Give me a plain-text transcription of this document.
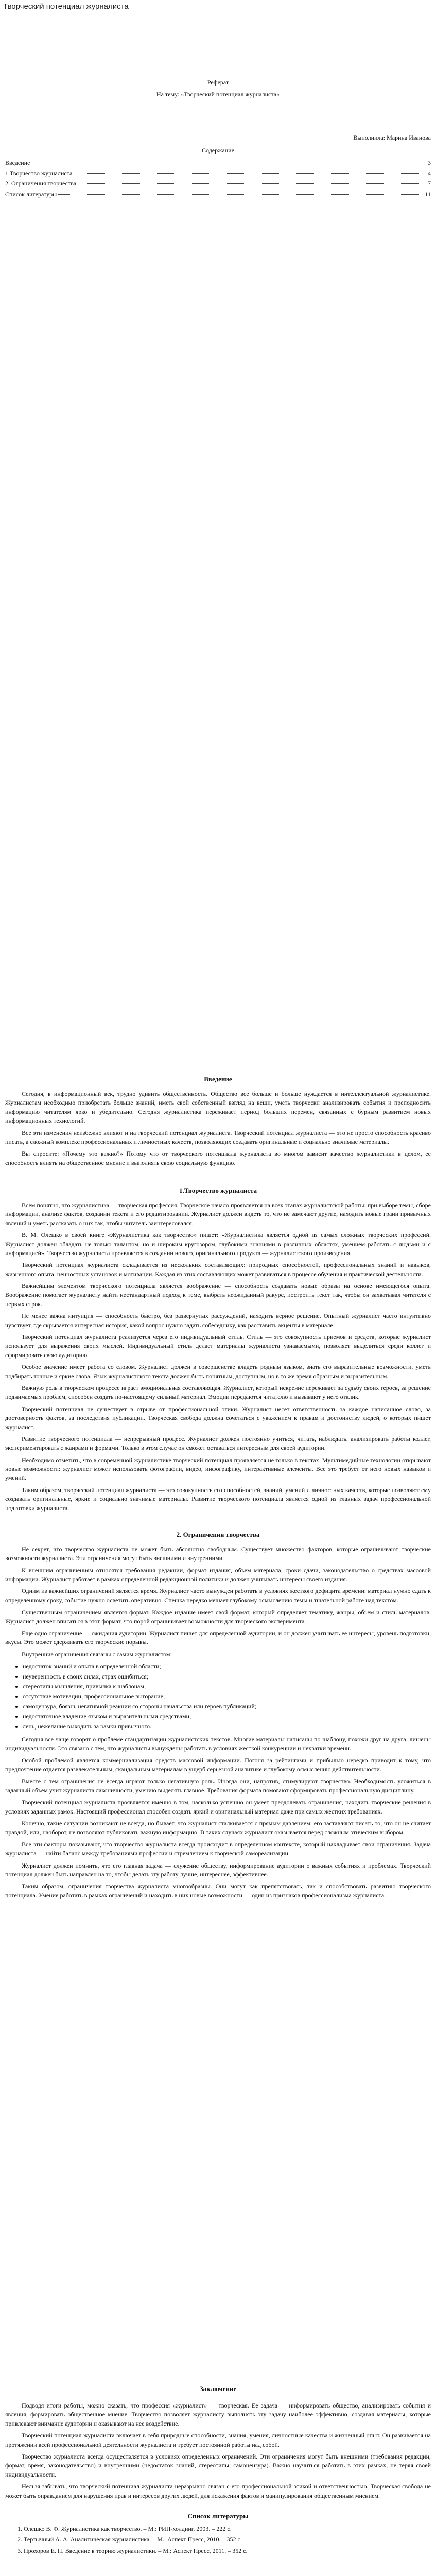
Творческий потенциал журналиста

Реферат

На тему: «Творческий потенциал журналиста»

Выполнила: Марина Иванова

Содержание
Введение	3
1.Творчество журналиста	4
2. Ограничения творчества	7
Список литературы	11
Введение

Сегодня, в информационный век, трудно удивить общественность. Общество все больше и больше нуждается в интеллектуальной журналистике. Журналистам необходимо приобретать больше знаний, иметь свой собственный взгляд на вещи, уметь творчески анализировать события и преподносить информацию читателям ярко и убедительно. Сегодня журналистика переживает период больших перемен, связанных с бурным развитием новых информационных технологий.

Все эти изменения неизбежно влияют и на творческий потенциал журналиста. Творческий потенциал журналиста — это не просто способность красиво писать, а сложный комплекс профессиональных и личностных качеств, позволяющих создавать оригинальные и социально значимые материалы.

Вы спросите: «Почему это важно?» Потому что от творческого потенциала журналиста во многом зависит качество журналистики в целом, ее способность влиять на общественное мнение и выполнять свою социальную функцию.

1.Творчество журналиста

Всем понятно, что журналистика — творческая профессия. Творческое начало проявляется на всех этапах журналистской работы: при выборе темы, сборе информации, анализе фактов, создании текста и его редактировании. Журналист должен видеть то, что не замечают другие, находить новые грани привычных явлений и уметь рассказать о них так, чтобы читатель заинтересовался.

В. М. Олешко в своей книге «Журналистика как творчество» пишет: «Журналистика является одной из самых сложных творческих профессий. Журналист должен обладать не только талантом, но и широким кругозором, глубокими знаниями в различных областях, умением работать с людьми и с информацией». Творчество журналиста проявляется в создании нового, оригинального продукта — журналистского произведения.

Творческий потенциал журналиста складывается из нескольких составляющих: природных способностей, профессиональных знаний и навыков, жизненного опыта, ценностных установок и мотивации. Каждая из этих составляющих может развиваться в процессе обучения и практической деятельности.

Важнейшим элементом творческого потенциала является воображение — способность создавать новые образы на основе имеющегося опыта. Воображение помогает журналисту найти нестандартный подход к теме, выбрать неожиданный ракурс, построить текст так, чтобы он захватывал читателя с первых строк.

Не менее важна интуиция — способность быстро, без развернутых рассуждений, находить верное решение. Опытный журналист часто интуитивно чувствует, где скрывается интересная история, какой вопрос нужно задать собеседнику, как расставить акценты в материале.

Творческий потенциал журналиста реализуется через его индивидуальный стиль. Стиль — это совокупность приемов и средств, которые журналист использует для выражения своих мыслей. Индивидуальный стиль делает материалы журналиста узнаваемыми, позволяет выделиться среди коллег и сформировать свою аудиторию.

Особое значение имеет работа со словом. Журналист должен в совершенстве владеть родным языком, знать его выразительные возможности, уметь подбирать точные и яркие слова. Язык журналистского текста должен быть понятным, доступным, но в то же время образным и выразительным.

Важную роль в творческом процессе играет эмоциональная составляющая. Журналист, который искренне переживает за судьбу своих героев, за решение поднимаемых проблем, способен создать по-настоящему сильный материал. Эмоции передаются читателю и вызывают у него отклик.

Творческий потенциал не существует в отрыве от профессиональной этики. Журналист несет ответственность за каждое написанное слово, за достоверность фактов, за последствия публикации. Творческая свобода должна сочетаться с уважением к правам и достоинству людей, о которых пишет журналист.

Развитие творческого потенциала — непрерывный процесс. Журналист должен постоянно учиться, читать, наблюдать, анализировать работы коллег, экспериментировать с жанрами и формами. Только в этом случае он сможет оставаться интересным для своей аудитории.

Необходимо отметить, что в современной журналистике творческий потенциал проявляется не только в текстах. Мультимедийные технологии открывают новые возможности: журналист может использовать фотографии, видео, инфографику, интерактивные элементы. Все это требует от него новых навыков и умений.

Таким образом, творческий потенциал журналиста — это совокупность его способностей, знаний, умений и личностных качеств, которые позволяют ему создавать оригинальные, яркие и социально значимые материалы. Развитие творческого потенциала является одной из главных задач профессиональной подготовки журналиста.

2. Ограничения творчества

Не секрет, что творчество журналиста не может быть абсолютно свободным. Существует множество факторов, которые ограничивают творческие возможности журналиста. Эти ограничения могут быть внешними и внутренними.

К внешним ограничениям относятся требования редакции, формат издания, объем материала, сроки сдачи, законодательство о средствах массовой информации. Журналист работает в рамках определенной редакционной политики и должен учитывать интересы своего издания.

Одним из важнейших ограничений является время. Журналист часто вынужден работать в условиях жесткого дефицита времени: материал нужно сдать к определенному сроку, событие нужно осветить оперативно. Спешка нередко мешает глубокому осмыслению темы и тщательной работе над текстом.

Существенным ограничением является формат. Каждое издание имеет свой формат, который определяет тематику, жанры, объем и стиль материалов. Журналист должен вписаться в этот формат, что порой ограничивает возможности для творческого эксперимента.

Еще одно ограничение — ожидания аудитории. Журналист пишет для определенной аудитории, и он должен учитывать ее интересы, уровень подготовки, вкусы. Это может сдерживать его творческие порывы.

Внутренние ограничения связаны с самим журналистом:

• недостаток знаний и опыта в определенной области;
• неуверенность в своих силах, страх ошибиться;
• стереотипы мышления, привычка к шаблонам;
• отсутствие мотивации, профессиональное выгорание;
• самоцензура, боязнь негативной реакции со стороны начальства или героев публикаций;
• недостаточное владение языком и выразительными средствами;
• лень, нежелание выходить за рамки привычного.

Сегодня все чаще говорят о проблеме стандартизации журналистских текстов. Многие материалы написаны по шаблону, похожи друг на друга, лишены индивидуальности. Это связано с тем, что журналисты вынуждены работать в условиях жесткой конкуренции и нехватки времени.

Особой проблемой является коммерциализация средств массовой информации. Погоня за рейтингами и прибылью нередко приводит к тому, что предпочтение отдается развлекательным, скандальным материалам в ущерб серьезной аналитике и глубокому осмыслению действительности.

Вместе с тем ограничения не всегда играют только негативную роль. Иногда они, напротив, стимулируют творчество. Необходимость уложиться в заданный объем учит журналиста лаконичности, умению выделять главное. Требования формата помогают сформировать профессиональную дисциплину.

Творческий потенциал журналиста проявляется именно в том, насколько успешно он умеет преодолевать ограничения, находить творческие решения в условиях заданных рамок. Настоящий профессионал способен создать яркий и оригинальный материал даже при самых жестких требованиях.

Конечно, такие ситуации возникают не всегда, но бывает, что журналист сталкивается с прямым давлением: его заставляют писать то, что он не считает правдой, или, наоборот, не позволяют публиковать важную информацию. В таких случаях журналист оказывается перед сложным этическим выбором.

Все эти факторы показывают, что творчество журналиста всегда происходит в определенном контексте, который накладывает свои ограничения. Задача журналиста — найти баланс между требованиями профессии и стремлением к творческой самореализации.

Журналист должен помнить, что его главная задача — служение обществу, информирование аудитории о важных событиях и проблемах. Творческий потенциал должен быть направлен на то, чтобы делать эту работу лучше, интереснее, эффективнее.

Таким образом, ограничения творчества журналиста многообразны. Они могут как препятствовать, так и способствовать развитию творческого потенциала. Умение работать в рамках ограничений и находить в них новые возможности — один из признаков профессионализма журналиста.

Заключение

Подводя итоги работы, можно сказать, что профессия «журналист» — творческая. Ее задача — информировать общество, анализировать события и явления, формировать общественное мнение. Творчество позволяет журналисту выполнять эту задачу наиболее эффективно, создавая материалы, которые привлекают внимание аудитории и оказывают на нее воздействие.

Творческий потенциал журналиста включает в себя природные способности, знания, умения, личностные качества и жизненный опыт. Он развивается на протяжении всей профессиональной деятельности журналиста и требует постоянной работы над собой.

Творчество журналиста всегда осуществляется в условиях определенных ограничений. Эти ограничения могут быть внешними (требования редакции, формат, время, законодательство) и внутренними (недостаток знаний, стереотипы, самоцензура). Важно научиться работать в этих рамках, не теряя своей индивидуальности.

Нельзя забывать, что творческий потенциал журналиста неразрывно связан с его профессиональной этикой и ответственностью. Творческая свобода не может быть оправданием для нарушения прав и интересов других людей, для искажения фактов и манипулирования общественным мнением.

Список литературы
1. Олешко В. Ф. Журналистика как творчество. – М.: РИП-холдинг, 2003. – 222 с.
2. Тертычный А. А. Аналитическая журналистика. – М.: Аспект Пресс, 2010. – 352 с.
3. Прохоров Е. П. Введение в теорию журналистики. – М.: Аспект Пресс, 2011. – 352 с.
